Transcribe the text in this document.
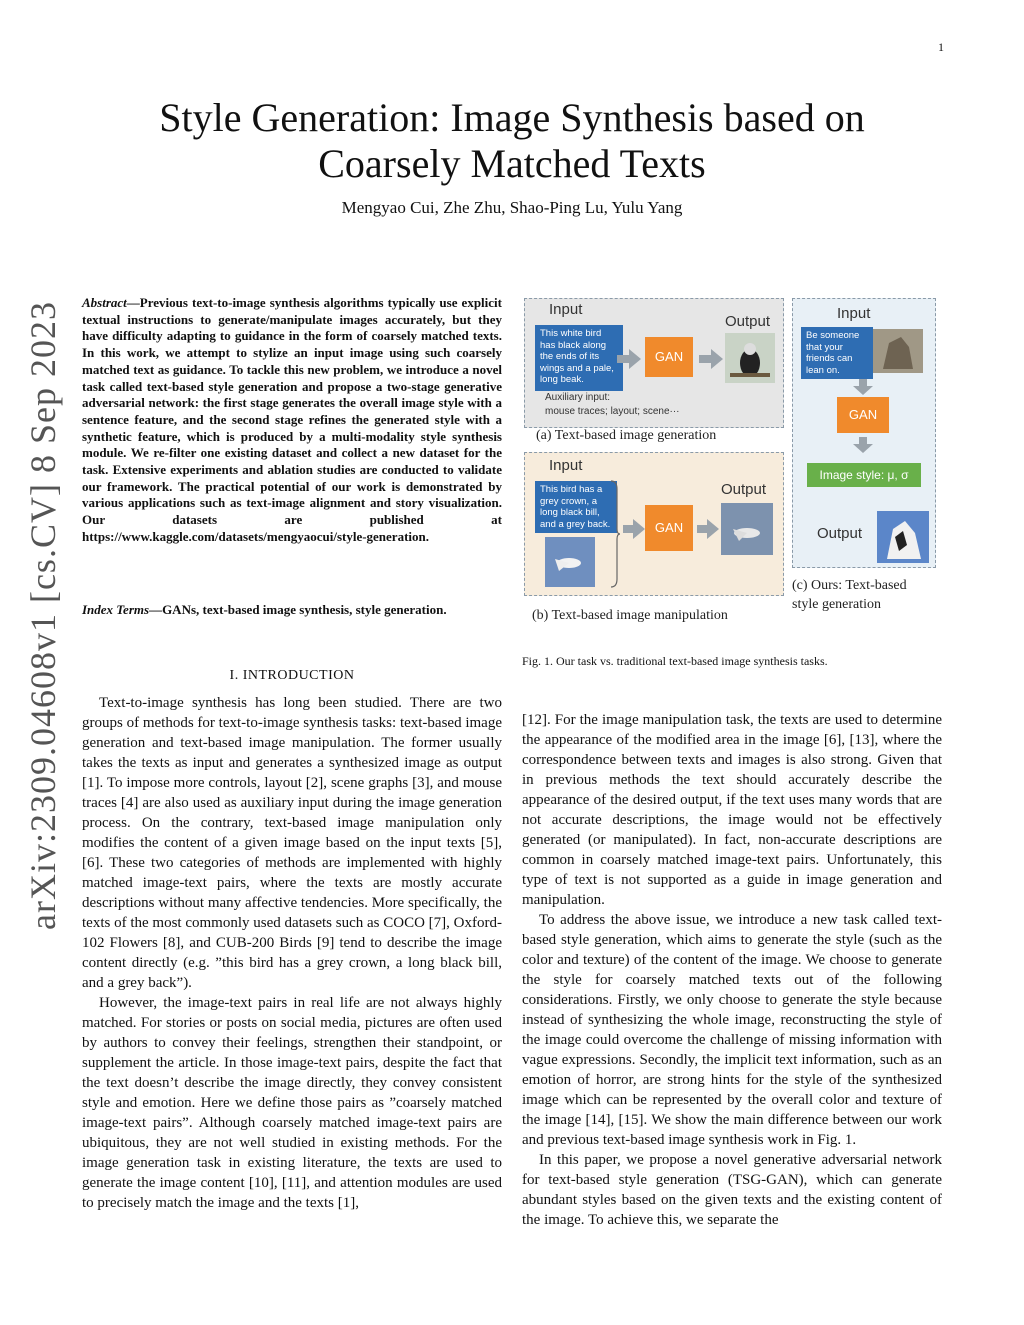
1
arXiv:2309.04608v1 [cs.CV] 8 Sep 2023
Style Generation: Image Synthesis based on
Coarsely Matched Texts
Mengyao Cui, Zhe Zhu, Shao-Ping Lu, Yulu Yang
Abstract—Previous text-to-image synthesis algorithms typically use explicit textual instructions to generate/manipulate images accurately, but they have difficulty adapting to guidance in the form of coarsely matched texts. In this work, we attempt to stylize an input image using such coarsely matched text as guidance. To tackle this new problem, we introduce a novel task called text-based style generation and propose a two-stage generative adversarial network: the first stage generates the overall image style with a sentence feature, and the second stage refines the generated style with a synthetic feature, which is produced by a multi-modality style synthesis module. We re-filter one existing dataset and collect a new dataset for the task. Extensive experiments and ablation studies are conducted to validate our framework. The practical potential of our work is demonstrated by various applications such as text-image alignment and story visualization. Our datasets are published at https://www.kaggle.com/datasets/mengyaocui/style-generation.
Index Terms—GANs, text-based image synthesis, style generation.
I. INTRODUCTION

Text-to-image synthesis has long been studied. There are two groups of methods for text-to-image synthesis tasks: text-based image generation and text-based image manipulation. The former usually takes the texts as input and generates a synthesized image as output [1]. To impose more controls, layout [2], scene graphs [3], and mouse traces [4] are also used as auxiliary input during the image generation process. On the contrary, text-based image manipulation only modifies the content of a given image based on the input texts [5], [6]. These two categories of methods are implemented with highly matched image-text pairs, where the texts are mostly accurate descriptions without many affective tendencies. More specifically, the texts of the most commonly used datasets such as COCO [7], Oxford-102 Flowers [8], and CUB-200 Birds [9] tend to describe the image content directly (e.g. ”this bird has a grey crown, a long black bill, and a grey back”).

However, the image-text pairs in real life are not always highly matched. For stories or posts on social media, pictures are often used by authors to convey their feelings, strengthen their standpoint, or supplement the article. In those image-text pairs, despite the fact that the text doesn’t describe the image directly, they convey consistent style and emotion. Here we define those pairs as ”coarsely matched image-text pairs”. Although coarsely matched image-text pairs are ubiquitous, they are not well studied in existing methods. For the image generation task in existing literature, the texts are used to generate the image content [10], [11], and attention modules are used to precisely match the image and the texts [1],

Input
Output
This white bird has black along the ends of its wings and a pale, long beak.
GAN
Auxiliary input:
mouse traces; layout; scene···
(a) Text-based image generation
Input
Output
This bird has a grey crown, a long black bill, and a grey back.	GAN
(b) Text-based image manipulation
Input
Be someone that your friends can lean on.
GAN
Image style: μ, σ
Output
(c) Ours: Text-based
style generation
Fig. 1. Our task vs. traditional text-based image synthesis tasks.

[12]. For the image manipulation task, the texts are used to determine the appearance of the modified area in the image [6], [13], where the correspondence between texts and images is also strong. Given that in previous methods the text should accurately describe the appearance of the desired output, if the text uses many words that are not accurate descriptions, the image would not be effectively generated (or manipulated). In fact, non-accurate descriptions are common in coarsely matched image-text pairs. Unfortunately, this type of text is not supported as a guide in image generation and manipulation.

To address the above issue, we introduce a new task called text-based style generation, which aims to generate the style (such as the color and texture) of the content of the image. We choose to generate the style for coarsely matched texts out of the following considerations. Firstly, we only choose to generate the style because instead of synthesizing the whole image, reconstructing the style of the image could overcome the challenge of missing information with vague expressions. Secondly, the implicit text information, such as an emotion of horror, are strong hints for the style of the synthesized image which can be represented by the overall color and texture of the image [14], [15]. We show the main difference between our work and previous text-based image synthesis work in Fig. 1.

In this paper, we propose a novel generative adversarial network for text-based style generation (TSG-GAN), which can generate abundant styles based on the given texts and the existing content of the image. To achieve this, we separate the
